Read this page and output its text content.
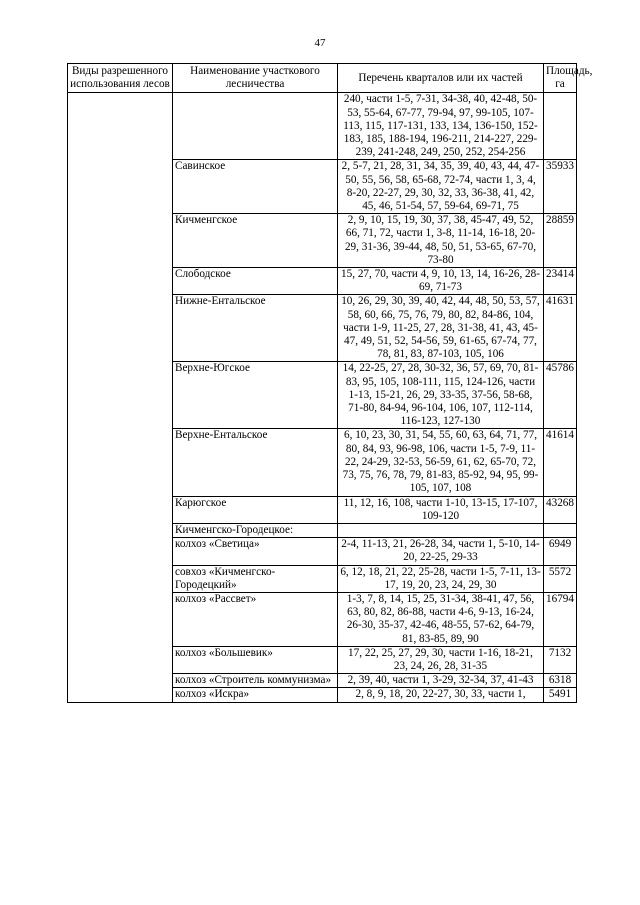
47
Виды разрешенного использования лесов	Наименование участкового лесничества	Перечень кварталов или их частей	Площадь, га
		240, части 1-5, 7-31, 34-38, 40, 42-48, 50-53, 55-64, 67-77, 79-94, 97, 99-105, 107-113, 115, 117-131, 133, 134, 136-150, 152-183, 185, 188-194, 196-211, 214-227, 229-239, 241-248, 249, 250, 252, 254-256	
	Савинское	2, 5-7, 21, 28, 31, 34, 35, 39, 40, 43, 44, 47-50, 55, 56, 58, 65-68, 72-74, части 1, 3, 4, 8-20, 22-27, 29, 30, 32, 33, 36-38, 41, 42, 45, 46, 51-54, 57, 59-64, 69-71, 75	35933
	Кичменгское	2, 9, 10, 15, 19, 30, 37, 38, 45-47, 49, 52, 66, 71, 72, части 1, 3-8, 11-14, 16-18, 20-29, 31-36, 39-44, 48, 50, 51, 53-65, 67-70, 73-80	28859
	Слободское	15, 27, 70, части 4, 9, 10, 13, 14, 16-26, 28-69, 71-73	23414
	Нижне-Ентальское	10, 26, 29, 30, 39, 40, 42, 44, 48, 50, 53, 57, 58, 60, 66, 75, 76, 79, 80, 82, 84-86, 104, части 1-9, 11-25, 27, 28, 31-38, 41, 43, 45-47, 49, 51, 52, 54-56, 59, 61-65, 67-74, 77, 78, 81, 83, 87-103, 105, 106	41631
	Верхне-Югское	14, 22-25, 27, 28, 30-32, 36, 57, 69, 70, 81-83, 95, 105, 108-111, 115, 124-126, части 1-13, 15-21, 26, 29, 33-35, 37-56, 58-68, 71-80, 84-94, 96-104, 106, 107, 112-114, 116-123, 127-130	45786
	Верхне-Ентальское	6, 10, 23, 30, 31, 54, 55, 60, 63, 64, 71, 77, 80, 84, 93, 96-98, 106, части 1-5, 7-9, 11-22, 24-29, 32-53, 56-59, 61, 62, 65-70, 72, 73, 75, 76, 78, 79, 81-83, 85-92, 94, 95, 99-105, 107, 108	41614
	Карюгское	11, 12, 16, 108, части 1-10, 13-15, 17-107, 109-120	43268
	Кичменгско-Городецкое:		
	колхоз «Светица»	2-4, 11-13, 21, 26-28, 34, части 1, 5-10, 14-20, 22-25, 29-33	6949
	совхоз «Кичменгско-Городецкий»	6, 12, 18, 21, 22, 25-28, части 1-5, 7-11, 13-17, 19, 20, 23, 24, 29, 30	5572
	колхоз «Рассвет»	1-3, 7, 8, 14, 15, 25, 31-34, 38-41, 47, 56, 63, 80, 82, 86-88, части 4-6, 9-13, 16-24, 26-30, 35-37, 42-46, 48-55, 57-62, 64-79, 81, 83-85, 89, 90	16794
	колхоз «Большевик»	17, 22, 25, 27, 29, 30, части 1-16, 18-21, 23, 24, 26, 28, 31-35	7132
	колхоз «Строитель коммунизма»	2, 39, 40, части 1, 3-29, 32-34, 37, 41-43	6318
	колхоз «Искра»	2, 8, 9, 18, 20, 22-27, 30, 33, части 1,	5491
